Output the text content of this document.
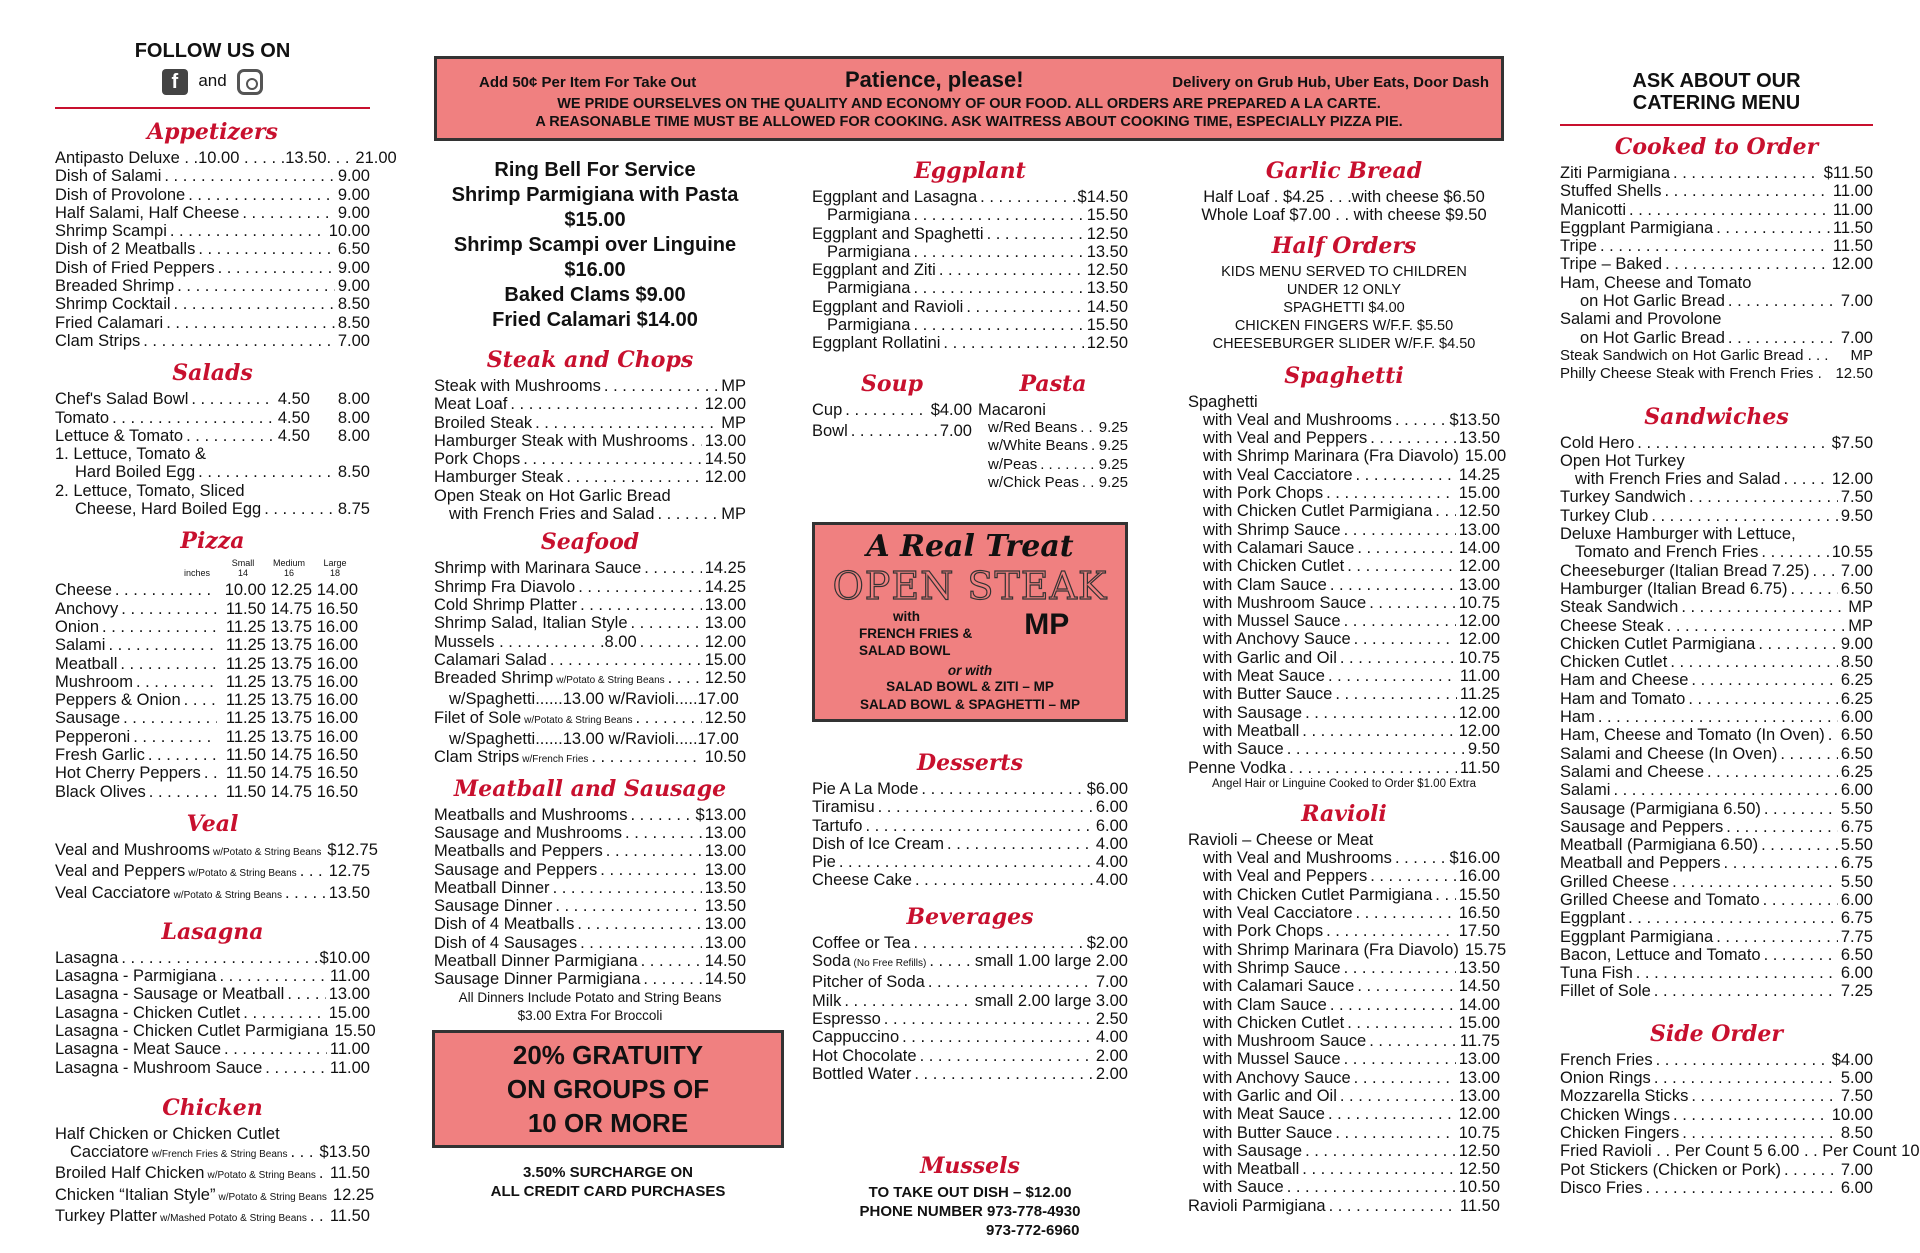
FOLLOW US ON
f and
Appetizers
Antipasto Deluxe . .10.00 . . . . .13.50. . . 21.00
Dish of Salami . . .	9.00
Dish of Provolone . . .	9.00
Half Salami, Half Cheese . . .	9.00
Shrimp Scampi . . .	10.00
Dish of 2 Meatballs . . .	6.50
Dish of Fried Peppers . . .	9.00
Breaded Shrimp . . .	9.00
Shrimp Cocktail . . .	8.50
Fried Calamari . . .	8.50
Clam Strips . . .	7.00
Salads
Chef's Salad Bowl . . .	4.50	8.00
Tomato . . .	4.50	8.00
Lettuce & Tomato . . .	4.50	8.00
1. Lettuce, Tomato &
Hard Boiled Egg . . .	8.50
2. Lettuce, Tomato, Sliced
Cheese, Hard Boiled Egg . . .	8.75
Pizza
Small	Medium	Large
inches	14	16	18
Cheese . . .	10.00 12.25 14.00
Anchovy . . .	11.50 14.75 16.50
Onion . . .	11.25 13.75 16.00
Salami . . .	11.25 13.75 16.00
Meatball . . .	11.25 13.75 16.00
Mushroom . . .	11.25 13.75 16.00
Peppers & Onion . . .	11.25 13.75 16.00
Sausage . . .	11.25 13.75 16.00
Pepperoni . . .	11.25 13.75 16.00
Fresh Garlic . . .	11.50 14.75 16.50
Hot Cherry Peppers . . .	11.50 14.75 16.50
Black Olives . . .	11.50 14.75 16.50
Veal
Veal and Mushrooms w/Potato & String Beans $12.75
Veal and Peppers w/Potato & String Beans . . . 12.75
Veal Cacciatore w/Potato & String Beans . . .	13.50
Lasagna
Lasagna . . .	$10.00
Lasagna - Parmigiana . . .	11.00
Lasagna - Sausage or Meatball . . .	13.00
Lasagna - Chicken Cutlet . . .	15.00
Lasagna - Chicken Cutlet Parmigiana 15.50
Lasagna - Meat Sauce . . .	11.00
Lasagna - Mushroom Sauce . . .	11.00
Chicken
Half Chicken or Chicken Cutlet
Cacciatore w/French Fries & String Beans . . . $13.50
Broiled Half Chicken w/Potato & String Beans . . . 11.50
Chicken “Italian Style” w/Potato & String Beans 12.25
Turkey Platter w/Mashed Potato & String Beans . . . 11.50
Add 50¢ Per Item For Take Out	Patience, please!	Delivery on Grub Hub, Uber Eats, Door Dash
WE PRIDE OURSELVES ON THE QUALITY AND ECONOMY OF OUR FOOD. ALL ORDERS ARE PREPARED A LA CARTE.
A REASONABLE TIME MUST BE ALLOWED FOR COOKING. ASK WAITRESS ABOUT COOKING TIME, ESPECIALLY PIZZA PIE.
Ring Bell For Service
Shrimp Parmigiana with Pasta
$15.00
Shrimp Scampi over Linguine
$16.00
Baked Clams $9.00
Fried Calamari $14.00
Steak and Chops
Steak with Mushrooms . . .	MP
Meat Loaf . . .	12.00
Broiled Steak . . .	MP
Hamburger Steak with Mushrooms . . . 13.00
Pork Chops . . .	14.50
Hamburger Steak . . .	12.00
Open Steak on Hot Garlic Bread
with French Fries and Salad . . .	MP
Seafood
Shrimp with Marinara Sauce . . .	14.25
Shrimp Fra Diavolo . . .	14.25
Cold Shrimp Platter . . .	13.00
Shrimp Salad, Italian Style . . .	13.00
Mussels . . . . . . . . . . . .8.00 . . .	12.00
Calamari Salad . . .	15.00
Breaded Shrimp w/Potato & String Beans . . . 12.50
w/Spaghetti......13.00 w/Ravioli.....17.00
Filet of Sole w/Potato & String Beans . . .	12.50
w/Spaghetti......13.00 w/Ravioli.....17.00
Clam Strips w/French Fries . . .	10.50
Meatball and Sausage
Meatballs and Mushrooms . . .	$13.00
Sausage and Mushrooms . . .	13.00
Meatballs and Peppers . . .	13.00
Sausage and Peppers . . .	13.00
Meatball Dinner . . .	13.50
Sausage Dinner . . .	13.50
Dish of 4 Meatballs . . .	13.00
Dish of 4 Sausages . . .	13.00
Meatball Dinner Parmigiana . . .	14.50
Sausage Dinner Parmigiana . . .	14.50
All Dinners Include Potato and String Beans
$3.00 Extra For Broccoli
20% GRATUITY
ON GROUPS OF
10 OR MORE
3.50% SURCHARGE ON
ALL CREDIT CARD PURCHASES
Eggplant
Eggplant and Lasagna . . .	$14.50
Parmigiana . . .	15.50
Eggplant and Spaghetti . . .	12.50
Parmigiana . . .	13.50
Eggplant and Ziti . . .	12.50
Parmigiana . . .	13.50
Eggplant and Ravioli . . .	14.50
Parmigiana . . .	15.50
Eggplant Rollatini . . .	12.50
Soup
Cup . . .	$4.00
Bowl . . .	7.00
Pasta
Macaroni
w/Red Beans . . . 9.25
w/White Beans . . . 9.25
w/Peas . . .	9.25
w/Chick Peas . . . 9.25
A Real Treat
OPEN STEAK
with
FRENCH FRIES &
SALAD BOWL
MP
or with
SALAD BOWL & ZITI – MP
SALAD BOWL & SPAGHETTI – MP
Desserts
Pie A La Mode . . .	$6.00
Tiramisu . . .	6.00
Tartufo . . .	6.00
Dish of Ice Cream . . .	4.00
Pie . . .	4.00
Cheese Cake . . .	4.00
Beverages
Coffee or Tea . . .	$2.00
Soda (No Free Refills) . . .	small 1.00 large 2.00
Pitcher of Soda . . .	7.00
Milk . . .	small 2.00 large 3.00
Espresso . . .	2.50
Cappuccino . . .	4.00
Hot Chocolate . . .	2.00
Bottled Water . . .	2.00
Mussels
TO TAKE OUT DISH – $12.00
PHONE NUMBER 973-778-4930
973-772-6960
Garlic Bread
Half Loaf . $4.25 . . .with cheese $6.50
Whole Loaf $7.00 . . with cheese $9.50
Half Orders
KIDS MENU SERVED TO CHILDREN
UNDER 12 ONLY
SPAGHETTI $4.00
CHICKEN FINGERS W/F.F. $5.50
CHEESEBURGER SLIDER W/F.F. $4.50
Spaghetti
Spaghetti
with Veal and Mushrooms . . .	$13.50
with Veal and Peppers . . .	13.50
with Shrimp Marinara (Fra Diavolo) 15.00
with Veal Cacciatore . . .	14.25
with Pork Chops . . .	15.00
with Chicken Cutlet Parmigiana . . . 12.50
with Shrimp Sauce . . .	13.00
with Calamari Sauce . . .	14.00
with Chicken Cutlet . . .	12.00
with Clam Sauce . . .	13.00
with Mushroom Sauce . . .	10.75
with Mussel Sauce . . .	12.00
with Anchovy Sauce . . .	12.00
with Garlic and Oil . . .	10.75
with Meat Sauce . . .	11.00
with Butter Sauce . . .	11.25
with Sausage . . .	12.00
with Meatball . . .	12.00
with Sauce . . .	9.50
Penne Vodka . . .	11.50
Angel Hair or Linguine Cooked to Order $1.00 Extra
Ravioli
Ravioli – Cheese or Meat
with Veal and Mushrooms . . .	$16.00
with Veal and Peppers . . .	16.00
with Chicken Cutlet Parmigiana . . . 15.50
with Veal Cacciatore . . .	16.50
with Pork Chops . . .	17.50
with Shrimp Marinara (Fra Diavolo) 15.75
with Shrimp Sauce . . .	13.50
with Calamari Sauce . . .	14.50
with Clam Sauce . . .	14.00
with Chicken Cutlet . . .	15.00
with Mushroom Sauce . . .	11.75
with Mussel Sauce . . .	13.00
with Anchovy Sauce . . .	13.00
with Garlic and Oil . . .	13.00
with Meat Sauce . . .	12.00
with Butter Sauce . . .	10.75
with Sausage . . .	12.50
with Meatball . . .	12.50
with Sauce . . .	10.50
Ravioli Parmigiana . . .	11.50
ASK ABOUT OUR
CATERING MENU
Cooked to Order
Ziti Parmigiana . . .	$11.50
Stuffed Shells . . .	11.00
Manicotti . . .	11.00
Eggplant Parmigiana . . .	11.50
Tripe . . .	11.50
Tripe – Baked . . .	12.00
Ham, Cheese and Tomato
on Hot Garlic Bread . . .	7.00
Salami and Provolone
on Hot Garlic Bread . . .	7.00
Steak Sandwich on Hot Garlic Bread . . . MP
Philly Cheese Steak with French Fries . 12.50
Sandwiches
Cold Hero . . .	$7.50
Open Hot Turkey
with French Fries and Salad . . .	12.00
Turkey Sandwich . . .	7.50
Turkey Club . . .	9.50
Deluxe Hamburger with Lettuce,
Tomato and French Fries . . .	10.55
Cheeseburger (Italian Bread 7.25) . . . 7.00
Hamburger (Italian Bread 6.75) . . .	6.50
Steak Sandwich . . .	MP
Cheese Steak . . .	MP
Chicken Cutlet Parmigiana . . .	9.00
Chicken Cutlet . . .	8.50
Ham and Cheese . . .	6.25
Ham and Tomato . . .	6.25
Ham . . .	6.00
Ham, Cheese and Tomato (In Oven) . . . 6.50
Salami and Cheese (In Oven) . . .	6.50
Salami and Cheese . . .	6.25
Salami . . .	6.00
Sausage (Parmigiana 6.50) . . .	5.50
Sausage and Peppers . . .	6.75
Meatball (Parmigiana 6.50) . . .	5.50
Meatball and Peppers . . .	6.75
Grilled Cheese . . .	5.50
Grilled Cheese and Tomato . . .	6.00
Eggplant . . .	6.75
Eggplant Parmigiana . . .	7.75
Bacon, Lettuce and Tomato . . .	6.50
Tuna Fish . . .	6.00
Fillet of Sole . . .	7.25
Side Order
French Fries . . .	$4.00
Onion Rings . . .	5.00
Mozzarella Sticks . . .	7.50
Chicken Wings . . .	10.00
Chicken Fingers . . .	8.50
Fried Ravioli . . Per Count 5 6.00 . . Per Count 10
Pot Stickers (Chicken or Pork) . . .	7.00
Disco Fries . . .	6.00
